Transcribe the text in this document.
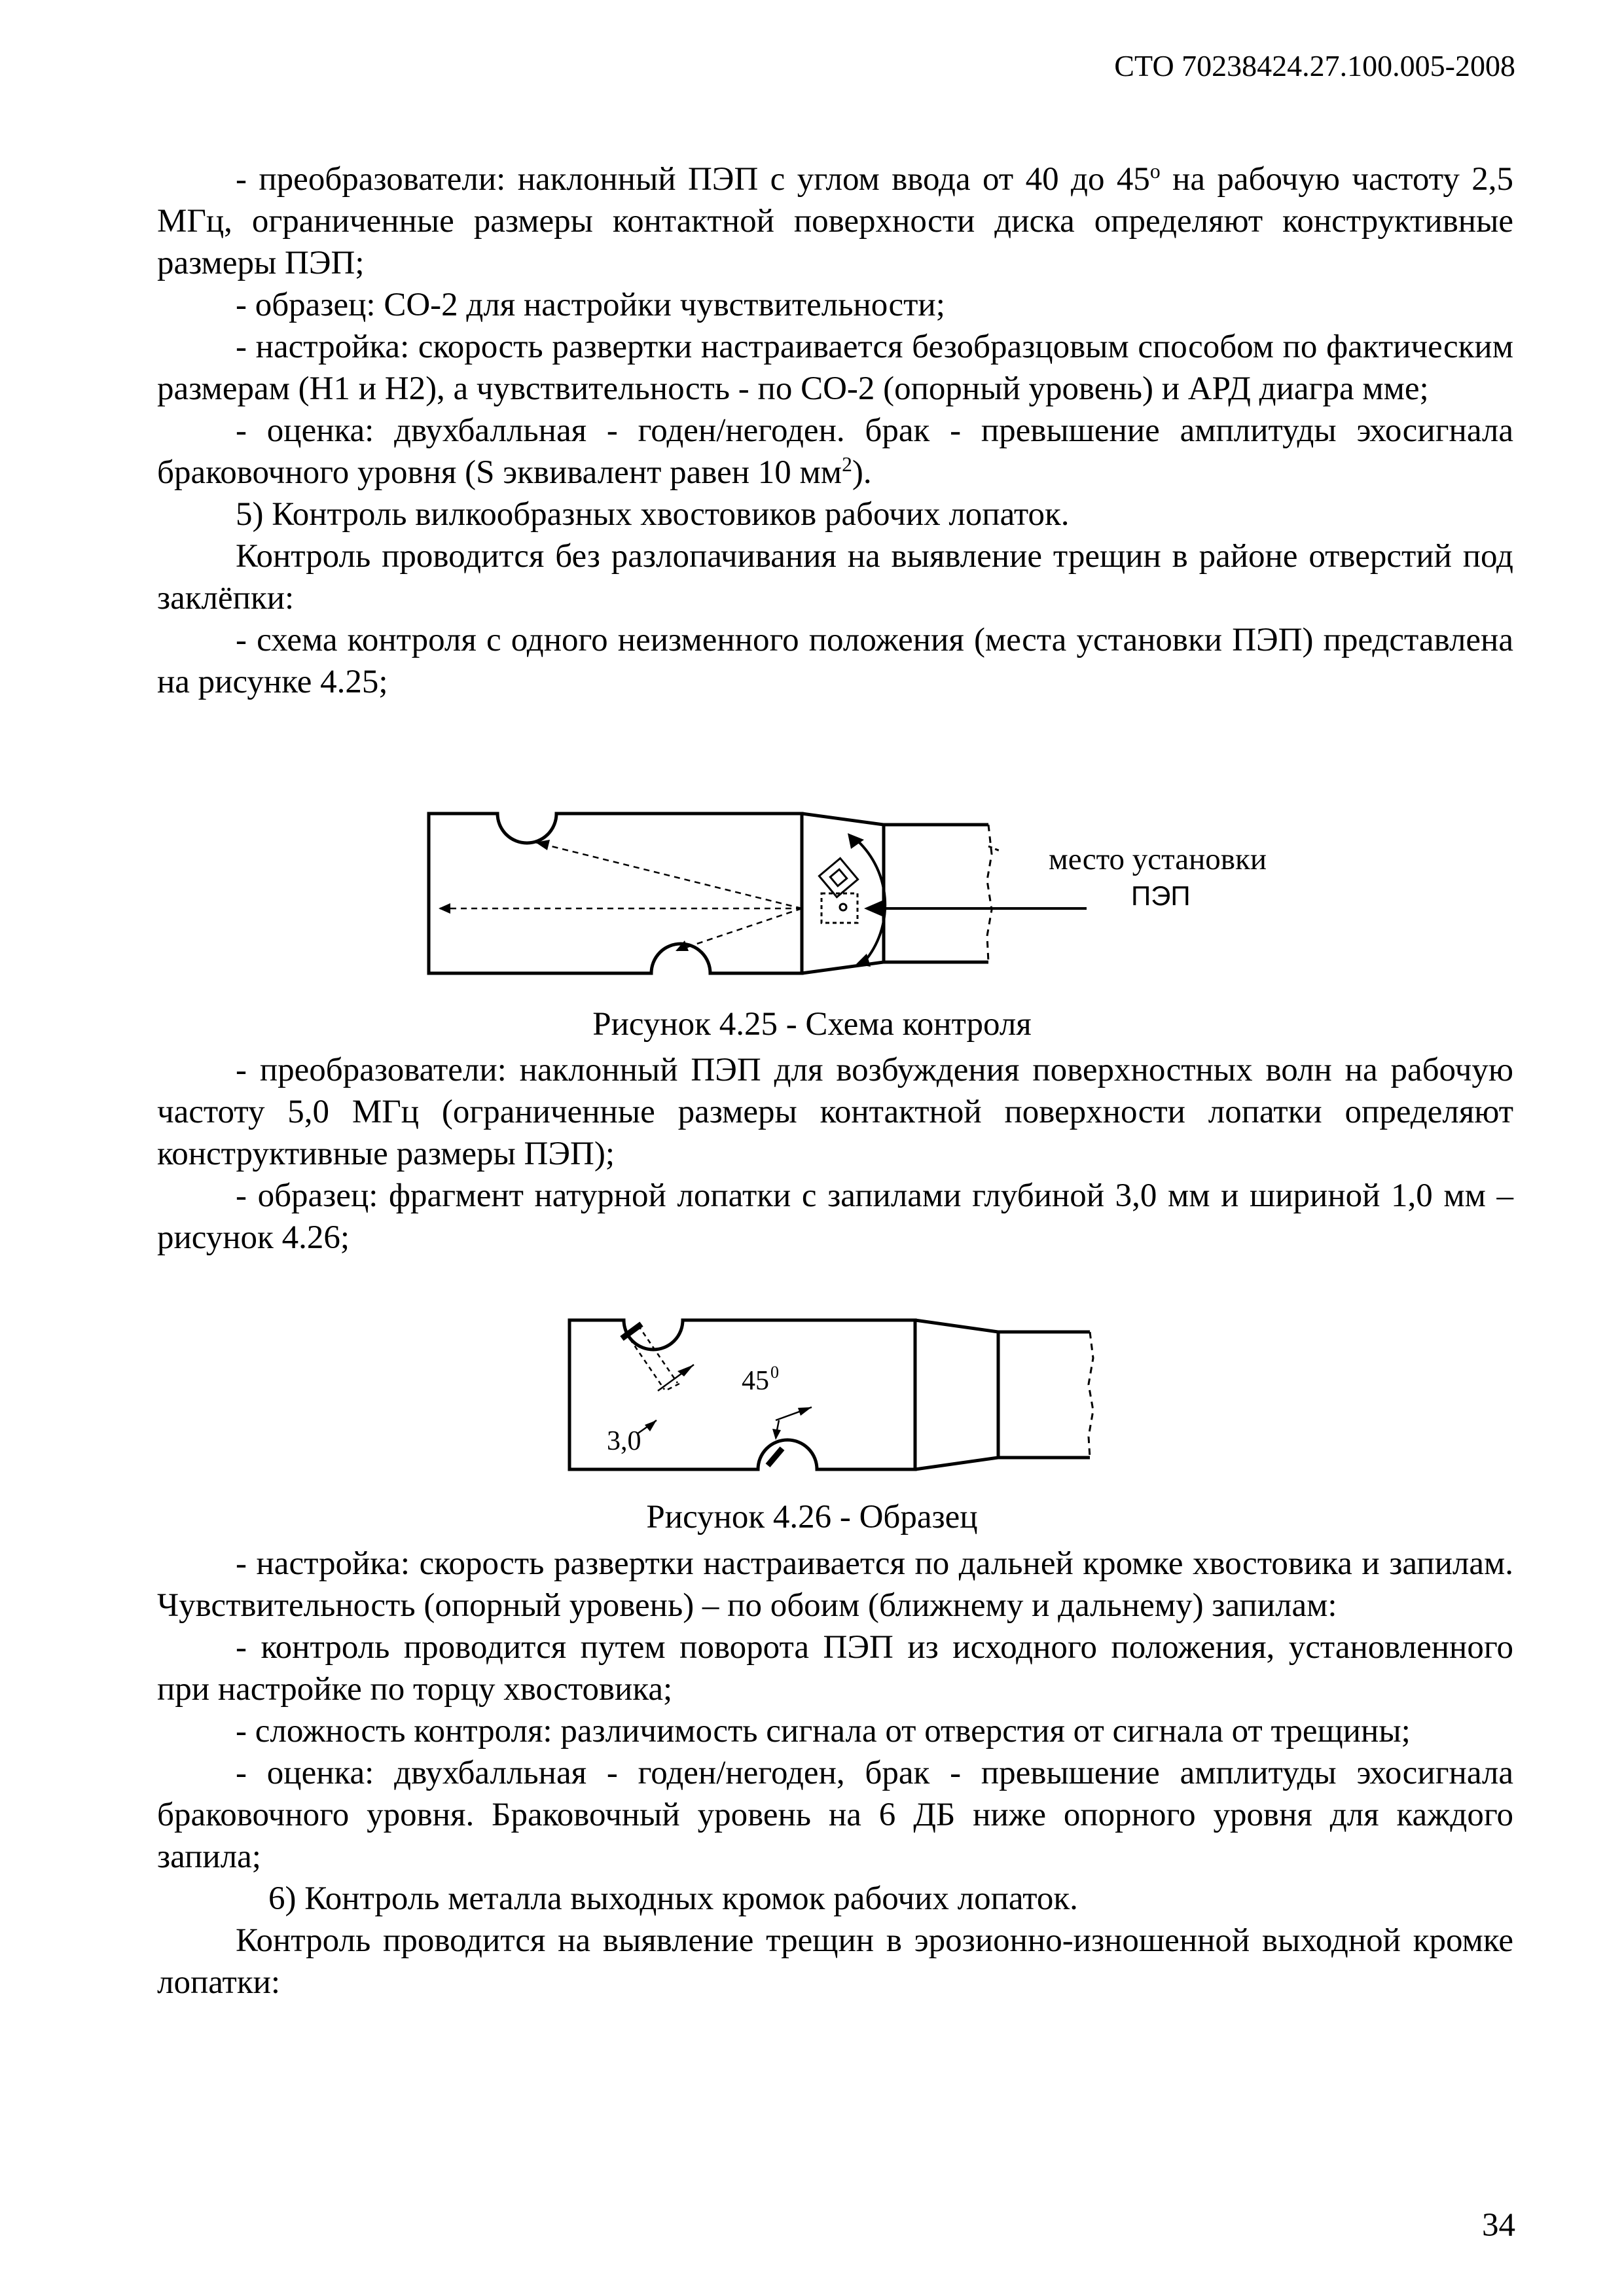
СТО 70238424.27.100.005-2008

- преобразователи: наклонный ПЭП с углом ввода от 40 до 45$^o$ на рабочую частоту 2,5 МГц, ограниченные размеры контактной поверхности диска определяют конструктивные размеры ПЭП;

- образец: СО-2 для настройки чувствительности;

- настройка: скорость развертки настраивается безобразцовым способом по фактическим размерам (Н1 и Н2), а чувствительность - по СО-2 (опорный уровень) и АРД диагра мме;

- оценка: двухбалльная - годен/негоден. брак - превышение амплитуды эхосигнала браковочного уровня (S эквивалент равен 10 $мм^2$).

5) Контроль вилкообразных хвостовиков рабочих лопаток.

Контроль проводится без разлопачивания на выявление трещин в районе отверстий под заклёпки:

- схема контроля с одного неизменного положения (места установки ПЭП) представлена на рисунке 4.25;

место установки
ПЭП
Рисунок 4.25 - Схема контроля

- преобразователи: наклонный ПЭП для возбуждения поверхностных волн на рабочую частоту 5,0 МГц (ограниченные размеры контактной поверхности лопатки определяют конструктивные размеры ПЭП);

- образец: фрагмент натурной лопатки с запилами глубиной 3,0 мм и шириной 1,0 мм – рисунок 4.26;

3,0
45 0
Рисунок 4.26 - Образец

- настройка: скорость развертки настраивается по дальней кромке хвостовика и запилам. Чувствительность (опорный уровень) – по обоим (ближнему и дальнему) запилам:

- контроль проводится путем поворота ПЭП из исходного положения, установленного при настройке по торцу хвостовика;

- сложность контроля: различимость сигнала от отверстия от сигнала от трещины;

- оценка: двухбалльная - годен/негоден, брак - превышение амплитуды эхосигнала браковочного уровня. Браковочный уровень на 6 ДБ ниже опорного уровня для каждого запила;

6) Контроль металла выходных кромок рабочих лопаток.

Контроль проводится на выявление трещин в эрозионно-изношенной выходной кромке лопатки:

34
